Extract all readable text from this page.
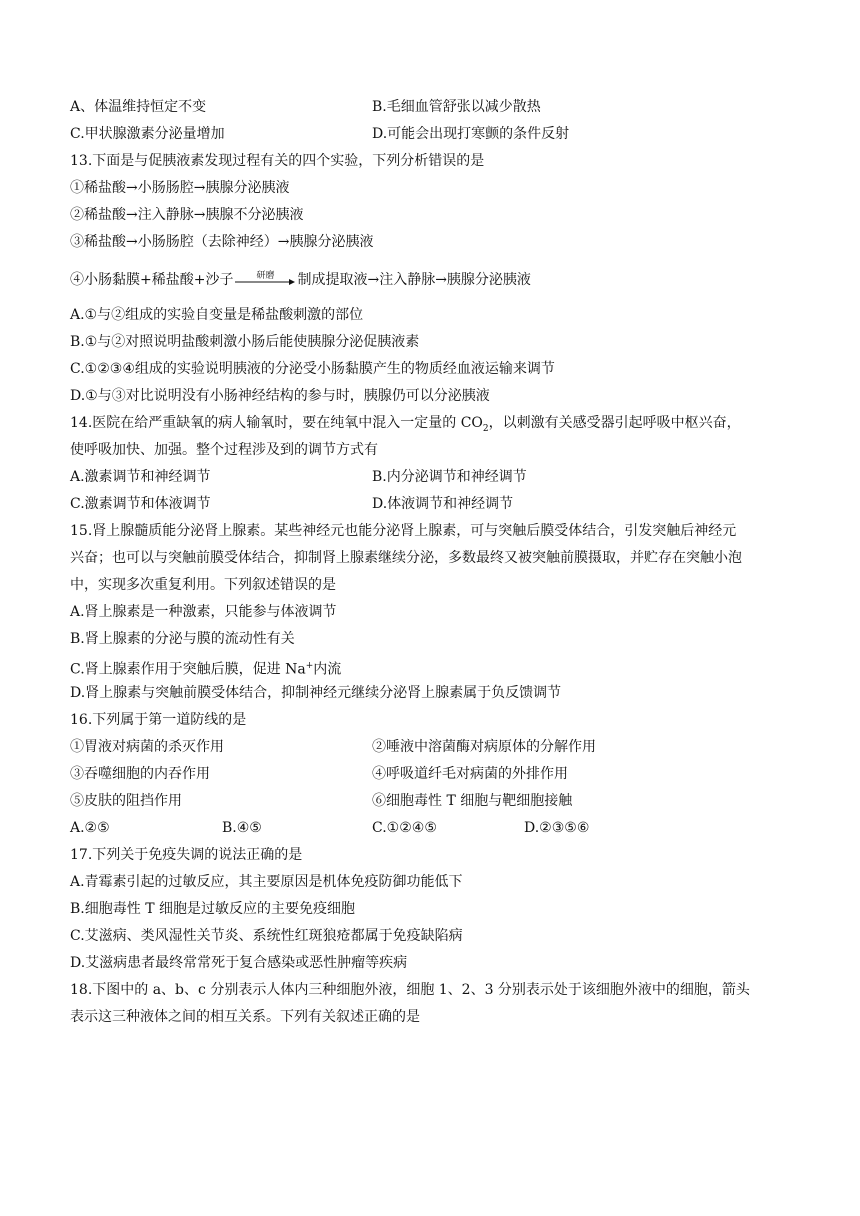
A、体温维持恒定不变	B.毛细血管舒张以减少散热
C.甲状腺激素分泌量增加	D.可能会出现打寒颤的条件反射
13.下面是与促胰液素发现过程有关的四个实验，下列分析错误的是
①稀盐酸→小肠肠腔→胰腺分泌胰液
②稀盐酸→注入静脉→胰腺不分泌胰液
③稀盐酸→小肠肠腔（去除神经）→胰腺分泌胰液
④小肠黏膜+稀盐酸+沙子	研磨	制成提取液→注入静脉→胰腺分泌胰液
A.①与②组成的实验自变量是稀盐酸刺激的部位
B.①与②对照说明盐酸刺激小肠后能使胰腺分泌促胰液素
C.①②③④组成的实验说明胰液的分泌受小肠黏膜产生的物质经血液运输来调节
D.①与③对比说明没有小肠神经结构的参与时，胰腺仍可以分泌胰液
14.医院在给严重缺氧的病人输氧时，要在纯氧中混入一定量的 $CO_2$，以刺激有关感受器引起呼吸中枢兴奋，
使呼吸加快、加强。整个过程涉及到的调节方式有
A.激素调节和神经调节	B.内分泌调节和神经调节
C.激素调节和体液调节	D.体液调节和神经调节
15.肾上腺髓质能分泌肾上腺素。某些神经元也能分泌肾上腺素，可与突触后膜受体结合，引发突触后神经元
兴奋；也可以与突触前膜受体结合，抑制肾上腺素继续分泌，多数最终又被突触前膜摄取，并贮存在突触小泡
中，实现多次重复利用。下列叙述错误的是
A.肾上腺素是一种激素，只能参与体液调节
B.肾上腺素的分泌与膜的流动性有关
C.肾上腺素作用于突触后膜，促进 Na+内流
D.肾上腺素与突触前膜受体结合，抑制神经元继续分泌肾上腺素属于负反馈调节
16.下列属于第一道防线的是
①胃液对病菌的杀灭作用	②唾液中溶菌酶对病原体的分解作用
③吞噬细胞的内吞作用	④呼吸道纤毛对病菌的外排作用
⑤皮肤的阻挡作用	⑥细胞毒性 T 细胞与靶细胞接触
A.②⑤	B.④⑤	C.①②④⑤	D.②③⑤⑥
17.下列关于免疫失调的说法正确的是
A.青霉素引起的过敏反应，其主要原因是机体免疫防御功能低下
B.细胞毒性 T 细胞是过敏反应的主要免疫细胞
C.艾滋病、类风湿性关节炎、系统性红斑狼疮都属于免疫缺陷病
D.艾滋病患者最终常常死于复合感染或恶性肿瘤等疾病
18.下图中的 a、b、c 分别表示人体内三种细胞外液，细胞 1、2、3 分别表示处于该细胞外液中的细胞，箭头
表示这三种液体之间的相互关系。下列有关叙述正确的是
